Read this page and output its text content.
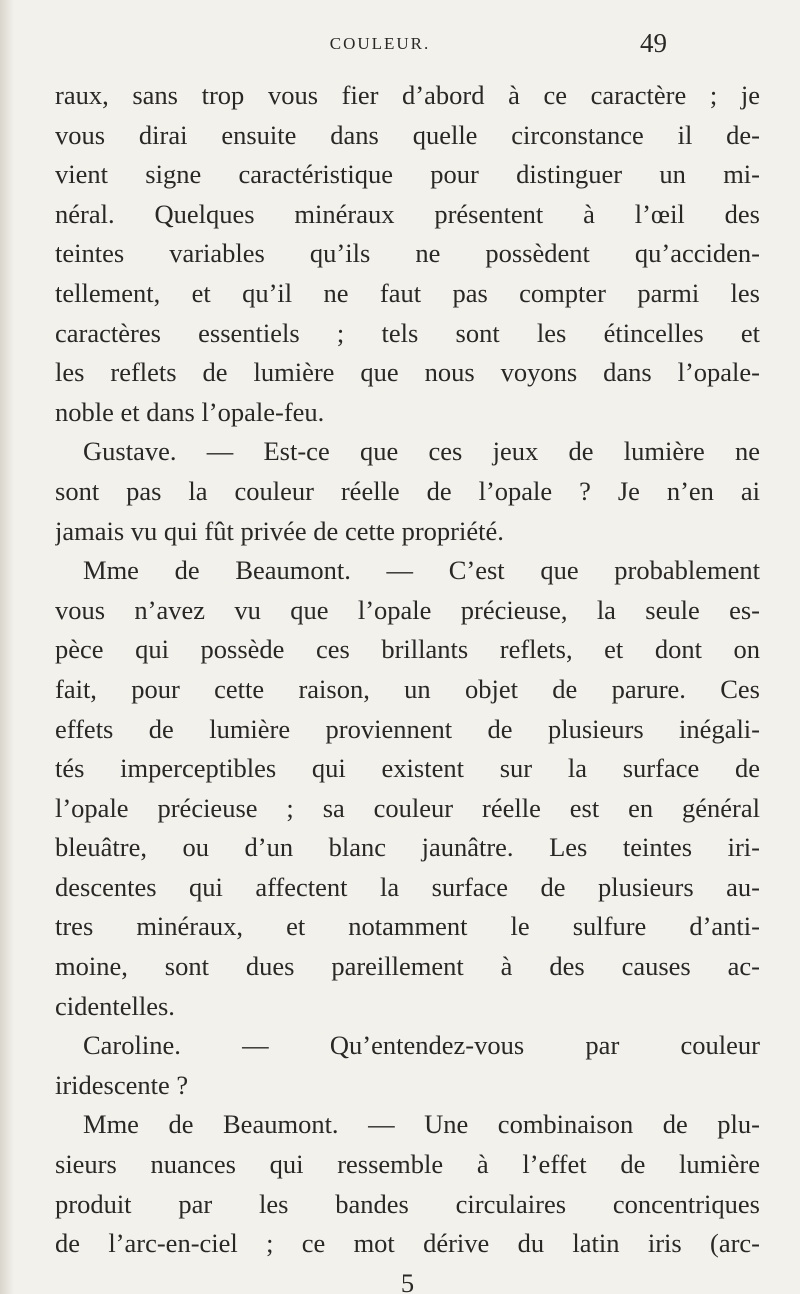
COULEUR.	49
raux, sans trop vous fier d’abord à ce caractère ; je
vous dirai ensuite dans quelle circonstance il de-
vient signe caractéristique pour distinguer un mi-
néral. Quelques minéraux présentent à l’œil des
teintes variables qu’ils ne possèdent qu’acciden-
tellement, et qu’il ne faut pas compter parmi les
caractères essentiels ; tels sont les étincelles et
les reflets de lumière que nous voyons dans l’opale-
noble et dans l’opale-feu.
Gustave. — Est-ce que ces jeux de lumière ne
sont pas la couleur réelle de l’opale ? Je n’en ai
jamais vu qui fût privée de cette propriété.
Mme de Beaumont. — C’est que probablement
vous n’avez vu que l’opale précieuse, la seule es-
pèce qui possède ces brillants reflets, et dont on
fait, pour cette raison, un objet de parure. Ces
effets de lumière proviennent de plusieurs inégali-
tés imperceptibles qui existent sur la surface de
l’opale précieuse ; sa couleur réelle est en général
bleuâtre, ou d’un blanc jaunâtre. Les teintes iri-
descentes qui affectent la surface de plusieurs au-
tres minéraux, et notamment le sulfure d’anti-
moine, sont dues pareillement à des causes ac-
cidentelles.
Caroline. — Qu’entendez-vous par couleur
iridescente ?
Mme de Beaumont. — Une combinaison de plu-
sieurs nuances qui ressemble à l’effet de lumière
produit par les bandes circulaires concentriques
de l’arc-en-ciel ; ce mot dérive du latin iris (arc-
5
